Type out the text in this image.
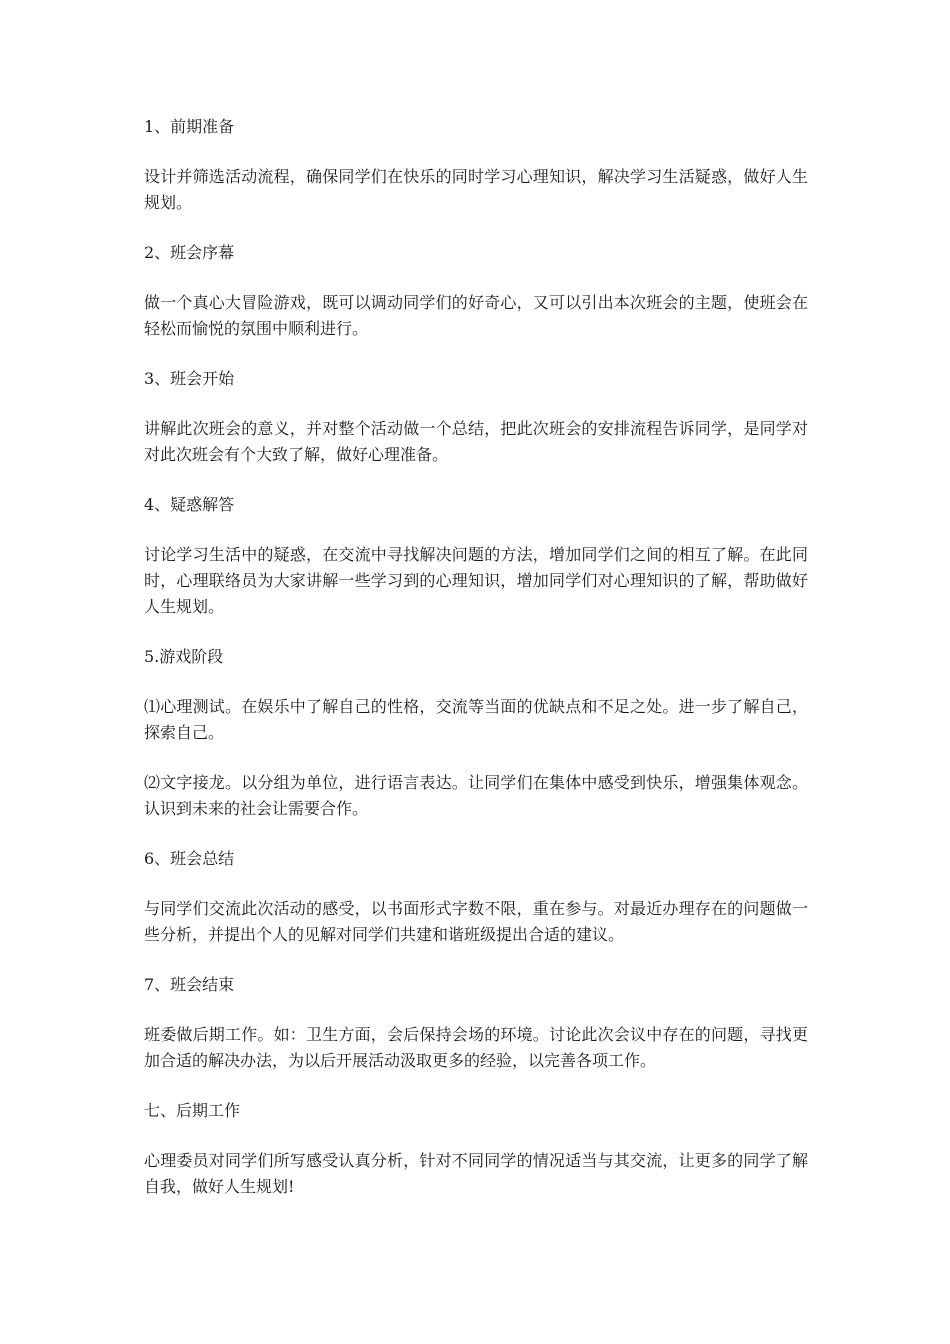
1、前期准备

设计并筛选活动流程，确保同学们在快乐的同时学习心理知识，解决学习生活疑惑，做好人生规划。

2、班会序幕

做一个真心大冒险游戏，既可以调动同学们的好奇心，又可以引出本次班会的主题，使班会在轻松而愉悦的氛围中顺利进行。

3、班会开始

讲解此次班会的意义，并对整个活动做一个总结，把此次班会的安排流程告诉同学，是同学对对此次班会有个大致了解，做好心理准备。

4、疑惑解答

讨论学习生活中的疑惑，在交流中寻找解决问题的方法，增加同学们之间的相互了解。在此同时，心理联络员为大家讲解一些学习到的心理知识，增加同学们对心理知识的了解，帮助做好人生规划。

5.游戏阶段

⑴心理测试。在娱乐中了解自己的性格，交流等当面的优缺点和不足之处。进一步了解自己，探索自己。

⑵文字接龙。以分组为单位，进行语言表达。让同学们在集体中感受到快乐，增强集体观念。认识到未来的社会让需要合作。

6、班会总结

与同学们交流此次活动的感受，以书面形式字数不限，重在参与。对最近办理存在的问题做一些分析，并提出个人的见解对同学们共建和谐班级提出合适的建议。

7、班会结束

班委做后期工作。如：卫生方面，会后保持会场的环境。讨论此次会议中存在的问题，寻找更加合适的解决办法，为以后开展活动汲取更多的经验，以完善各项工作。

七、后期工作

心理委员对同学们所写感受认真分析，针对不同同学的情况适当与其交流，让更多的同学了解自我，做好人生规划!
